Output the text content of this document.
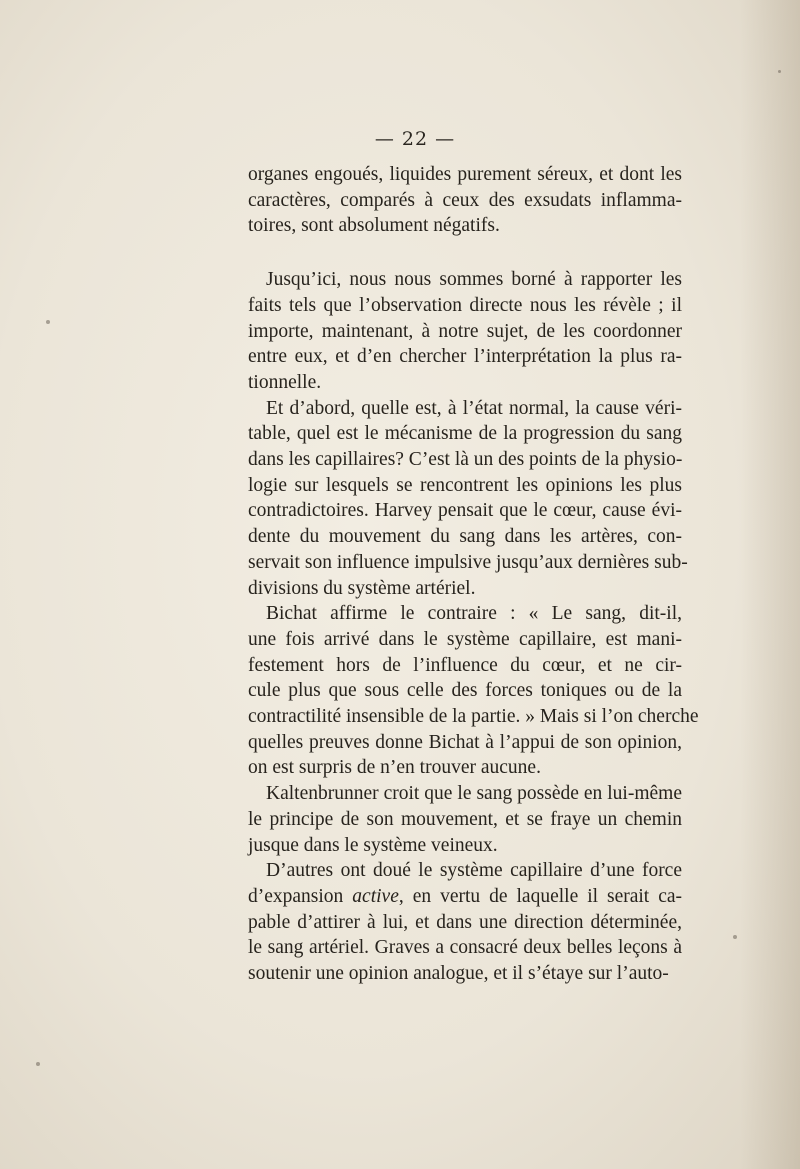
— 22 —

organes engoués, liquides purement séreux, et dont les
caractères, comparés à ceux des exsudats inflamma-
toires, sont absolument négatifs.

Jusqu’ici, nous nous sommes borné à rapporter les
faits tels que l’observation directe nous les révèle ; il
importe, maintenant, à notre sujet, de les coordonner
entre eux, et d’en chercher l’interprétation la plus ra-
tionnelle.

Et d’abord, quelle est, à l’état normal, la cause véri-
table, quel est le mécanisme de la progression du sang
dans les capillaires? C’est là un des points de la physio-
logie sur lesquels se rencontrent les opinions les plus
contradictoires. Harvey pensait que le cœur, cause évi-
dente du mouvement du sang dans les artères, con-
servait son influence impulsive jusqu’aux dernières sub-
divisions du système artériel.

Bichat affirme le contraire : « Le sang, dit-il,
une fois arrivé dans le système capillaire, est mani-
festement hors de l’influence du cœur, et ne cir-
cule plus que sous celle des forces toniques ou de la
contractilité insensible de la partie. » Mais si l’on cherche
quelles preuves donne Bichat à l’appui de son opinion,
on est surpris de n’en trouver aucune.

Kaltenbrunner croit que le sang possède en lui-même
le principe de son mouvement, et se fraye un chemin
jusque dans le système veineux.

D’autres ont doué le système capillaire d’une force
d’expansion active, en vertu de laquelle il serait ca-
pable d’attirer à lui, et dans une direction déterminée,
le sang artériel. Graves a consacré deux belles leçons à
soutenir une opinion analogue, et il s’étaye sur l’auto-
